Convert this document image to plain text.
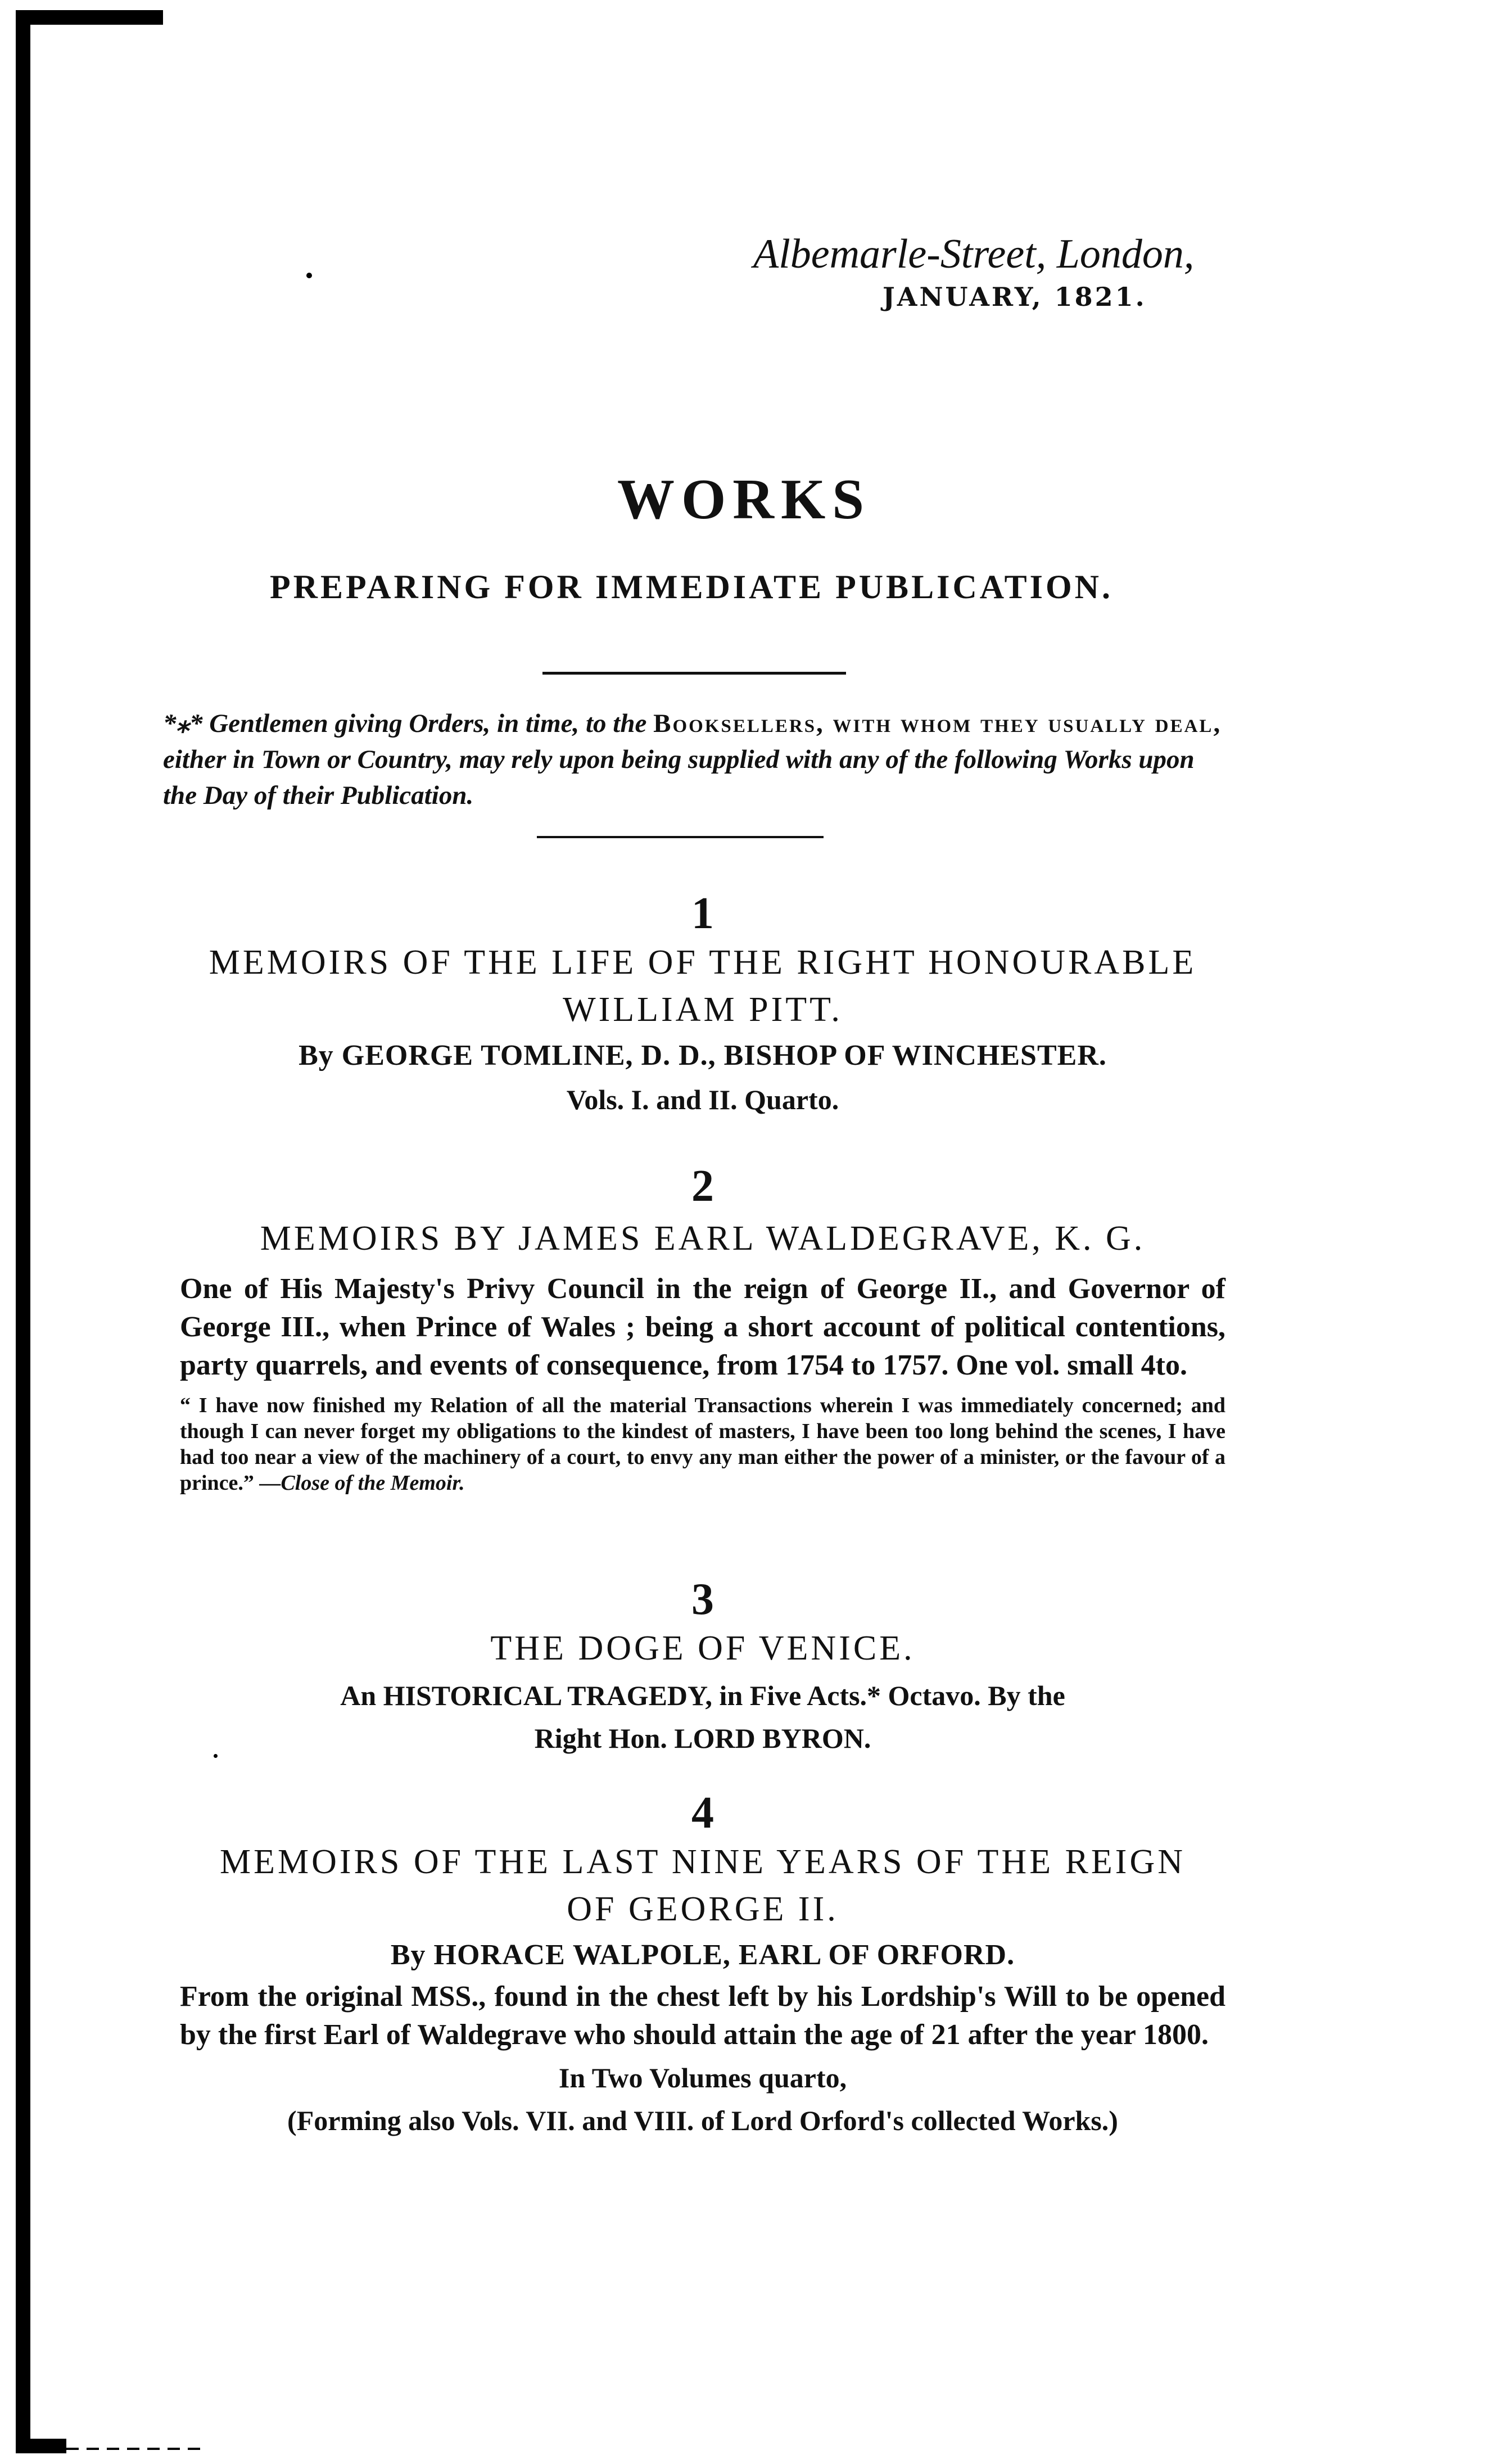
Albemarle-Street, London,
JANUARY, 1821.
WORKS
PREPARING FOR IMMEDIATE PUBLICATION.
*⁎* Gentlemen giving Orders, in time, to the Booksellers, with whom they usually deal, either in Town or Country, may rely upon being supplied with any of the following Works upon the Day of their Publication.
1
MEMOIRS OF THE LIFE OF THE RIGHT HONOURABLE
WILLIAM PITT.
By GEORGE TOMLINE, D. D., BISHOP OF WINCHESTER.
Vols. I. and II. Quarto.
2
MEMOIRS BY JAMES EARL WALDEGRAVE, K. G.
One of His Majesty's Privy Council in the reign of George II., and Governor of George III., when Prince of Wales ; being a short account of political contentions, party quarrels, and events of consequence, from 1754 to 1757. One vol. small 4to.
“ I have now finished my Relation of all the material Transactions wherein I was immediately concerned; and though I can never forget my obligations to the kindest of masters, I have been too long behind the scenes, I have had too near a view of the machinery of a court, to envy any man either the power of a minister, or the favour of a prince.” —Close of the Memoir.
3
THE DOGE OF VENICE.
An HISTORICAL TRAGEDY, in Five Acts.* Octavo. By the
Right Hon. LORD BYRON.
4
MEMOIRS OF THE LAST NINE YEARS OF THE REIGN
OF GEORGE II.
By HORACE WALPOLE, EARL OF ORFORD.
From the original MSS., found in the chest left by his Lordship's Will to be opened by the first Earl of Waldegrave who should attain the age of 21 after the year 1800.
In Two Volumes quarto,
(Forming also Vols. VII. and VIII. of Lord Orford's collected Works.)
